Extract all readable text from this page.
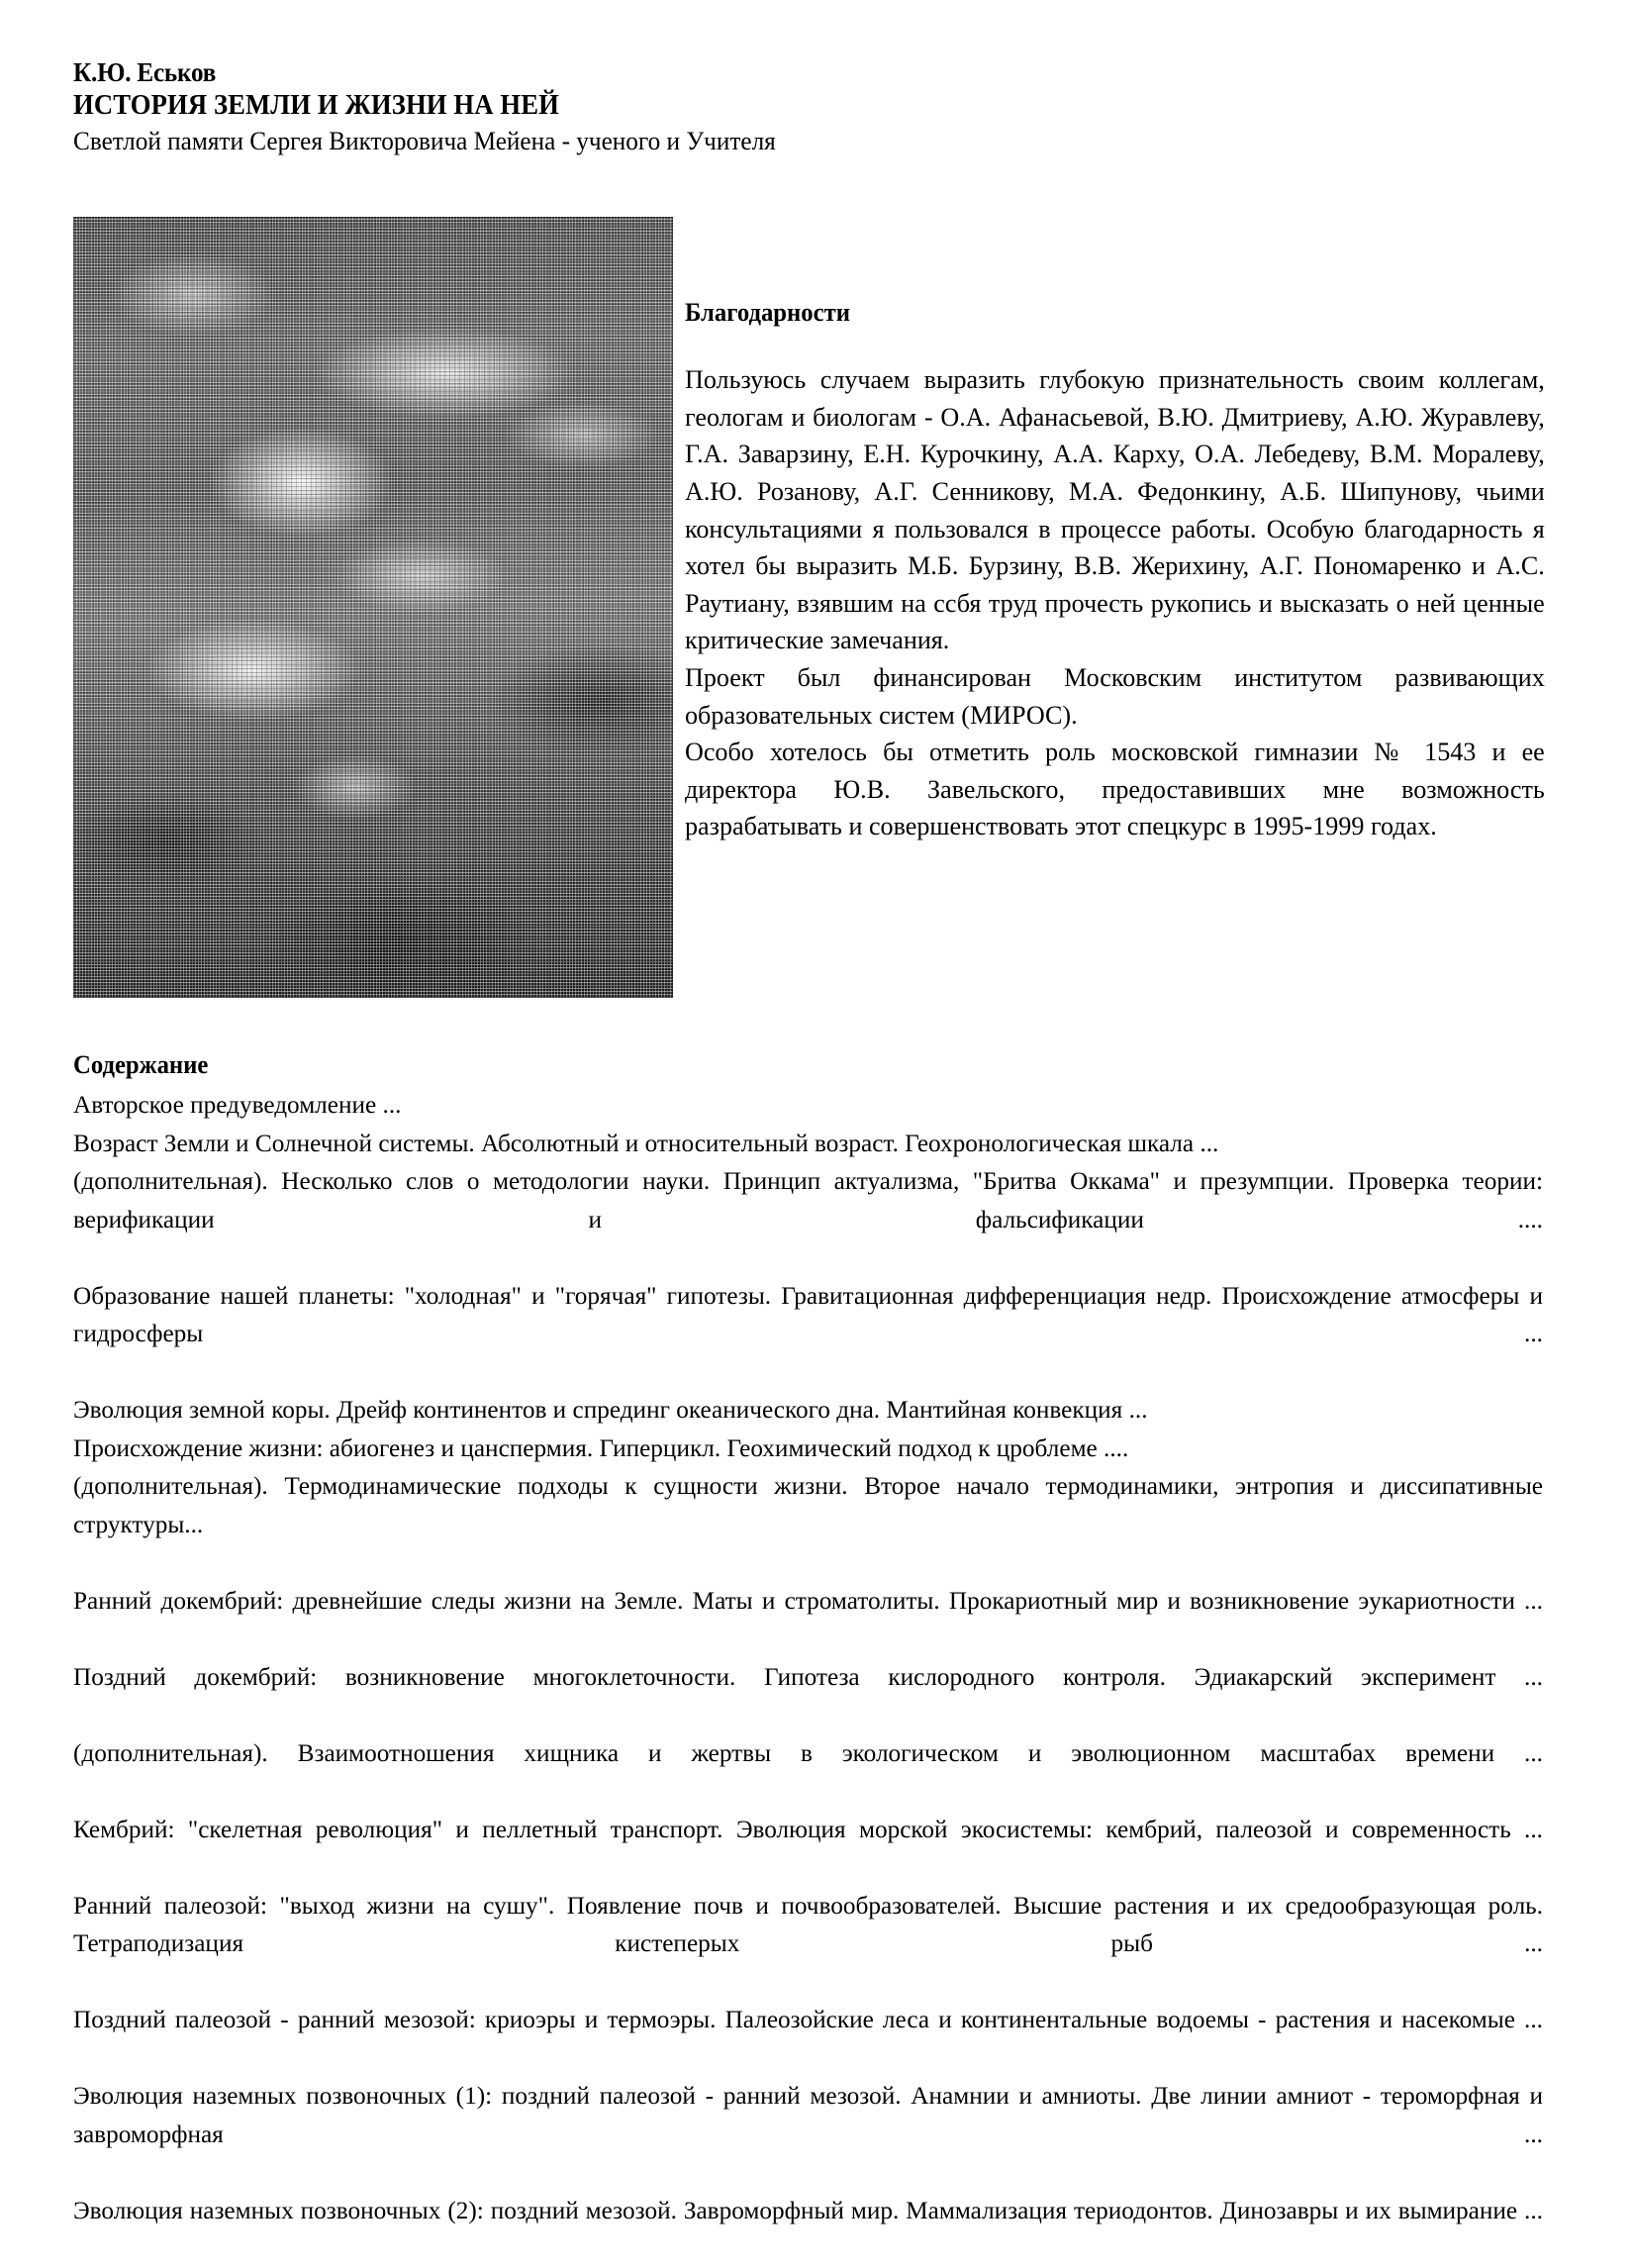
К.Ю. Еськов
ИСТОРИЯ ЗЕМЛИ И ЖИЗНИ НА НЕЙ
Светлой памяти Сергея Викторовича Мейена - ученого и Учителя
Благодарности

Пользуюсь случаем выразить глубокую признательность своим коллегам, геологам и биологам - О.А. Афанасьевой, В.Ю. Дмитриеву, А.Ю. Журавлеву, Г.А. Заварзину, Е.Н. Курочкину, А.А. Кархy, О.А. Лебедеву, В.М. Моралеву, А.Ю. Розанову, А.Г. Сенникову, М.А. Федонкину, А.Б. Шипунову, чьими консультациями я пользовался в процессе работы. Особую благодарность я хотел бы выразить М.Б. Бурзину, В.В. Жерихину, А.Г. Пономаренко и А.С. Раутиану, взявшим на ссбя труд прочесть рукопись и высказать о ней ценные критические замечания.

Проект был финансирован Московским институтом развивающих образовательных систем (МИРОС).

Особо хотелось бы отметить роль московской гимназии № 1543 и ее директора Ю.В. Завельского, предоставивших мне возможность разрабатывать и совершенствовать этот спецкурс в 1995-1999 годах.

Содержание

Авторское предуведомление ...

Возраст Земли и Солнечной системы. Абсолютный и относительный возраст. Геохронологическая шкала ...

(дополнительная). Несколько слов о методологии науки. Принцип актуализма, "Бритва Оккама" и презумпции. Проверка теории: верификации и фальсификации ....

Образование нашей планеты: "холодная" и "горячая" гипотезы. Гравитационная дифференциация недр. Происхождение атмосферы и гидросферы ...

Эволюция земной коры. Дрейф континентов и спрединг океанического дна. Мантийная конвекция ...

Происхождение жизни: абиогенез и цанспермия. Гиперцикл. Геохимический подход к цроблеме ....

(дополнительная). Термодинамические подходы к сущности жизни. Второе начало термодинамики, энтропия и диссипативные структуры...

Ранний докембрий: древнейшие следы жизни на Земле. Маты и строматолиты. Прокариотный мир и возникновение эукариотности ...

Поздний докембрий: возникновение многоклеточности. Гипотеза кислородного контроля. Эдиакарский эксперимент ...

(дополнительная). Взаимоотношения хищника и жертвы в экологическом и эволюционном масштабах времени ...

Кембрий: "скелетная революция" и пеллетный транспорт. Эволюция морской экосистемы: кембрий, палеозой и современность ...

Ранний палеозой: "выход жизни на сушу". Появление почв и почвообразователей. Высшие растения и их средообразующая роль. Тетраподизация кистеперых рыб ...

Поздний палеозой - ранний мезозой: криоэры и термоэры. Палеозойские леса и континентальные водоемы - растения и насекомые ...

Эволюция наземных позвоночных (1): поздний палеозой - ранний мезозой. Анамнии и амниоты. Две линии амниот - тероморфная и завроморфная ...

Эволюция наземных позвоночных (2): поздний мезозой. Завроморфный мир. Маммализация териодонтов. Динозавры и их вымирание ...
